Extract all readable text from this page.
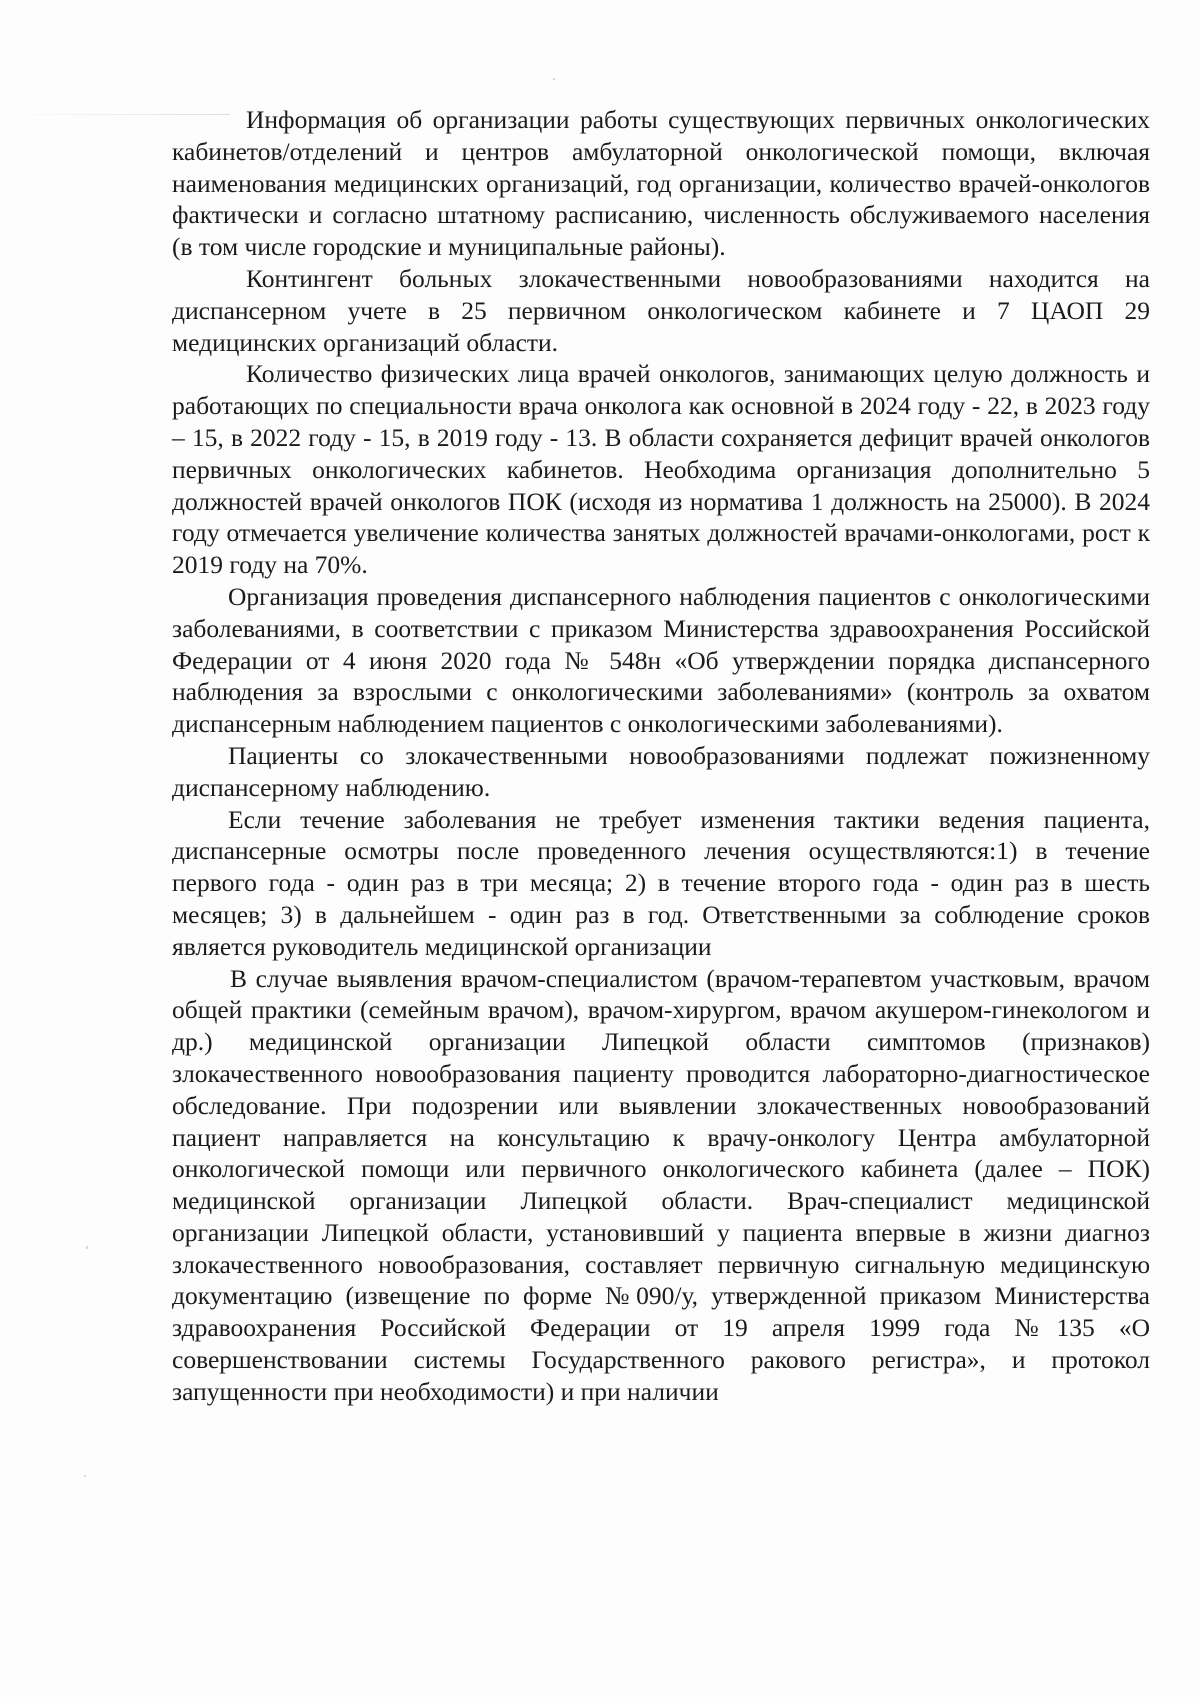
Информация об организации работы существующих первичных онкологических кабинетов/отделений и центров амбулаторной онкологической помощи, включая наименования медицинских организаций, год организации, количество врачей-онкологов фактически и согласно штатному расписанию, численность обслуживаемого населения (в том числе городские и муниципальные районы).

Контингент больных злокачественными новообразованиями находится на диспансерном учете в 25 первичном онкологическом кабинете и 7 ЦАОП 29 медицинских организаций области.

Количество физических лица врачей онкологов, занимающих целую должность и работающих по специальности врача онколога как основной в 2024 году - 22, в 2023 году – 15, в 2022 году - 15, в 2019 году - 13. В области сохраняется дефицит врачей онкологов первичных онкологических кабинетов. Необходима организация дополнительно 5 должностей врачей онкологов ПОК (исходя из норматива 1 должность на 25000). В 2024 году отмечается увеличение количества занятых должностей врачами-онкологами, рост к 2019 году на 70%.

Организация проведения диспансерного наблюдения пациентов с онкологическими заболеваниями, в соответствии с приказом Министерства здравоохранения Российской Федерации от 4 июня 2020 года № 548н «Об утверждении порядка диспансерного наблюдения за взрослыми с онкологическими заболеваниями» (контроль за охватом диспансерным наблюдением пациентов с онкологическими заболеваниями).

Пациенты со злокачественными новообразованиями подлежат пожизненному диспансерному наблюдению.

Если течение заболевания не требует изменения тактики ведения пациента, диспансерные осмотры после проведенного лечения осуществляются:1) в течение первого года - один раз в три месяца; 2) в течение второго года - один раз в шесть месяцев; 3) в дальнейшем - один раз в год. Ответственными за соблюдение сроков является руководитель медицинской организации

В случае выявления врачом-специалистом (врачом-терапевтом участковым, врачом общей практики (семейным врачом), врачом-хирургом, врачом акушером-гинекологом и др.) медицинской организации Липецкой области симптомов (признаков) злокачественного новообразования пациенту проводится лабораторно-диагностическое обследование. При подозрении или выявлении злокачественных новообразований пациент направляется на консультацию к врачу-онкологу Центра амбулаторной онкологической помощи или первичного онкологического кабинета (далее – ПОК) медицинской организации Липецкой области. Врач-специалист медицинской организации Липецкой области, установивший у пациента впервые в жизни диагноз злокачественного новообразования, составляет первичную сигнальную медицинскую документацию (извещение по форме №090/у, утвержденной приказом Министерства здравоохранения Российской Федерации от 19 апреля 1999 года №135 «О совершенствовании системы Государственного ракового регистра», и протокол запущенности при необходимости) и при наличии
